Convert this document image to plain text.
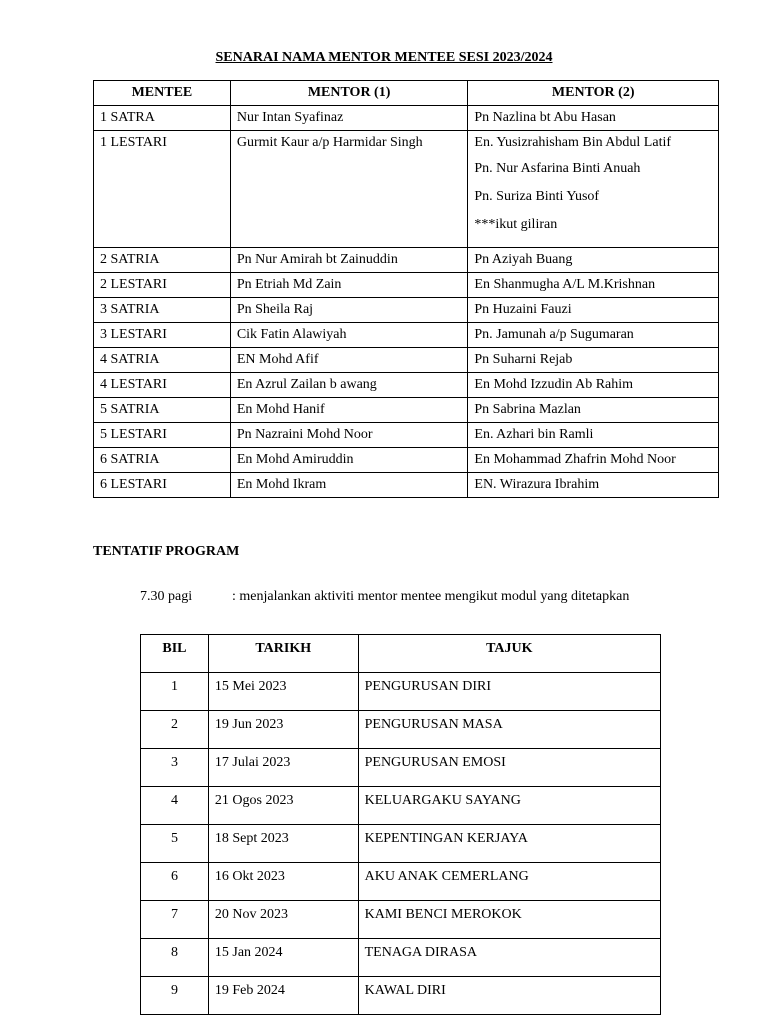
SENARAI NAMA MENTOR MENTEE SESI 2023/2024
MENTEE	MENTOR (1)	MENTOR (2)
1 SATRA	Nur Intan Syafinaz	Pn Nazlina bt Abu Hasan

1 LESTARI	Gurmit Kaur a/p Harmidar Singh	En. Yusizrahisham Bin Abdul Latif
Pn. Nur Asfarina Binti Anuah
Pn. Suriza Binti Yusof
***ikut giliran

2 SATRIA	Pn Nur Amirah bt Zainuddin	Pn Aziyah Buang

2 LESTARI	Pn Etriah Md Zain	En Shanmugha A/L M.Krishnan

3 SATRIA	Pn Sheila Raj	Pn Huzaini Fauzi

3 LESTARI	Cik Fatin Alawiyah	Pn. Jamunah a/p Sugumaran

4 SATRIA	EN Mohd Afif	Pn Suharni Rejab

4 LESTARI	En Azrul Zailan b awang	En Mohd Izzudin Ab Rahim

5 SATRIA	En Mohd Hanif	Pn Sabrina Mazlan

5 LESTARI	Pn Nazraini Mohd Noor	En. Azhari bin Ramli

6 SATRIA	En Mohd Amiruddin	En Mohammad Zhafrin Mohd Noor

6 LESTARI	En Mohd Ikram	EN. Wirazura Ibrahim
TENTATIF PROGRAM
7.30 pagi	: menjalankan aktiviti mentor mentee mengikut modul yang ditetapkan
BIL	TARIKH	TAJUK
1	15 Mei 2023	PENGURUSAN DIRI
2	19 Jun 2023	PENGURUSAN MASA
3	17 Julai 2023	PENGURUSAN EMOSI
4	21 Ogos 2023	KELUARGAKU SAYANG
5	18 Sept 2023	KEPENTINGAN KERJAYA
6	16 Okt 2023	AKU ANAK CEMERLANG
7	20 Nov 2023	KAMI BENCI MEROKOK
8	15 Jan 2024	TENAGA DIRASA
9	19 Feb 2024	KAWAL DIRI
